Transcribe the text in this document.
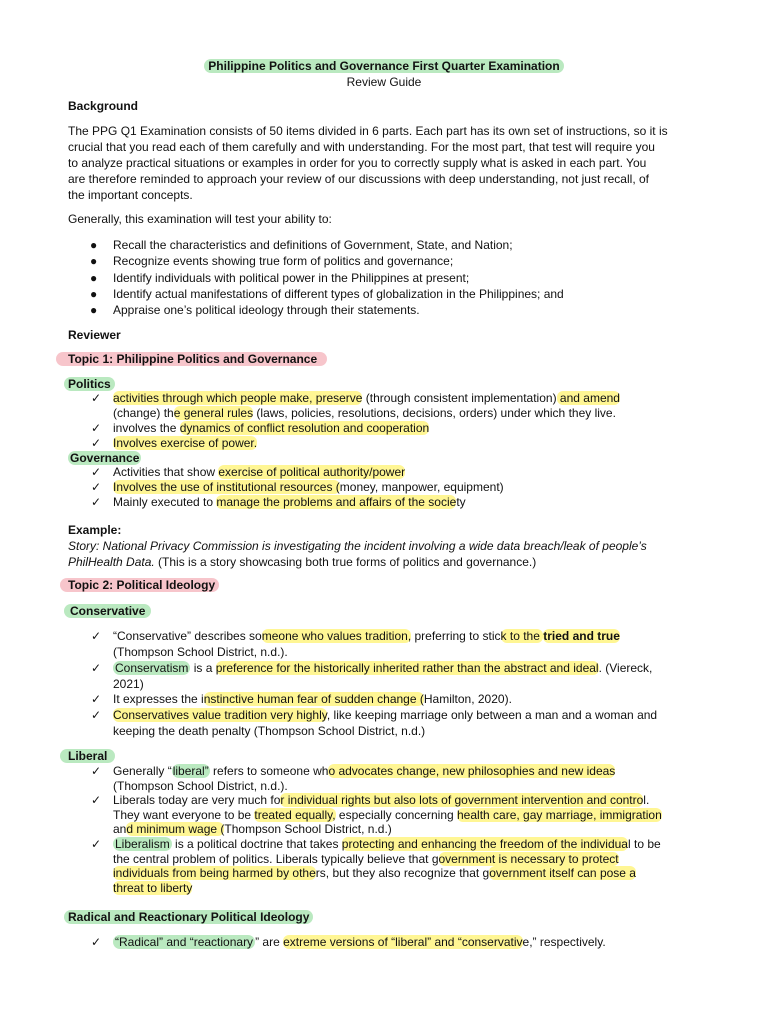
Philippine Politics and Governance First Quarter Examination
Review Guide
Background
The PPG Q1 Examination consists of 50 items divided in 6 parts. Each part has its own set of instructions, so it is
crucial that you read each of them carefully and with understanding. For the most part, that test will require you
to analyze practical situations or examples in order for you to correctly supply what is asked in each part. You
are therefore reminded to approach your review of our discussions with deep understanding, not just recall, of
the important concepts.
Generally, this examination will test your ability to:
● Recall the characteristics and definitions of Government, State, and Nation;
● Recognize events showing true form of politics and governance;
● Identify individuals with political power in the Philippines at present;
● Identify actual manifestations of different types of globalization in the Philippines; and
● Appraise one’s political ideology through their statements.
Reviewer
Topic 1: Philippine Politics and Governance
Politics
✓ activities through which people make, preserve (through consistent implementation) and amend
(change) the general rules (laws, policies, resolutions, decisions, orders) under which they live.
✓ involves the dynamics of conflict resolution and cooperation
✓ Involves exercise of power.
Governance
✓ Activities that show exercise of political authority/power
✓ Involves the use of institutional resources (money, manpower, equipment)
✓ Mainly executed to manage the problems and affairs of the society
Example:
Story: National Privacy Commission is investigating the incident involving a wide data breach/leak of people’s
PhilHealth Data. (This is a story showcasing both true forms of politics and governance.)
Topic 2: Political Ideology
Conservative
✓ “Conservative” describes someone who values tradition, preferring to stick to the tried and true
(Thompson School District, n.d.).
✓ Conservatism is a preference for the historically inherited rather than the abstract and ideal. (Viereck,
2021)
✓ It expresses the instinctive human fear of sudden change (Hamilton, 2020).
✓ Conservatives value tradition very highly, like keeping marriage only between a man and a woman and
keeping the death penalty (Thompson School District, n.d.)
Liberal
✓ Generally “liberal” refers to someone who advocates change, new philosophies and new ideas
(Thompson School District, n.d.).
✓ Liberals today are very much for individual rights but also lots of government intervention and control.
They want everyone to be treated equally, especially concerning health care, gay marriage, immigration
and minimum wage (Thompson School District, n.d.)
✓ Liberalism is a political doctrine that takes protecting and enhancing the freedom of the individual to be
the central problem of politics. Liberals typically believe that government is necessary to protect
individuals from being harmed by others, but they also recognize that government itself can pose a
threat to liberty
Radical and Reactionary Political Ideology
✓ “Radical” and “reactionary ” are extreme versions of “liberal” and “conservative,” respectively.
